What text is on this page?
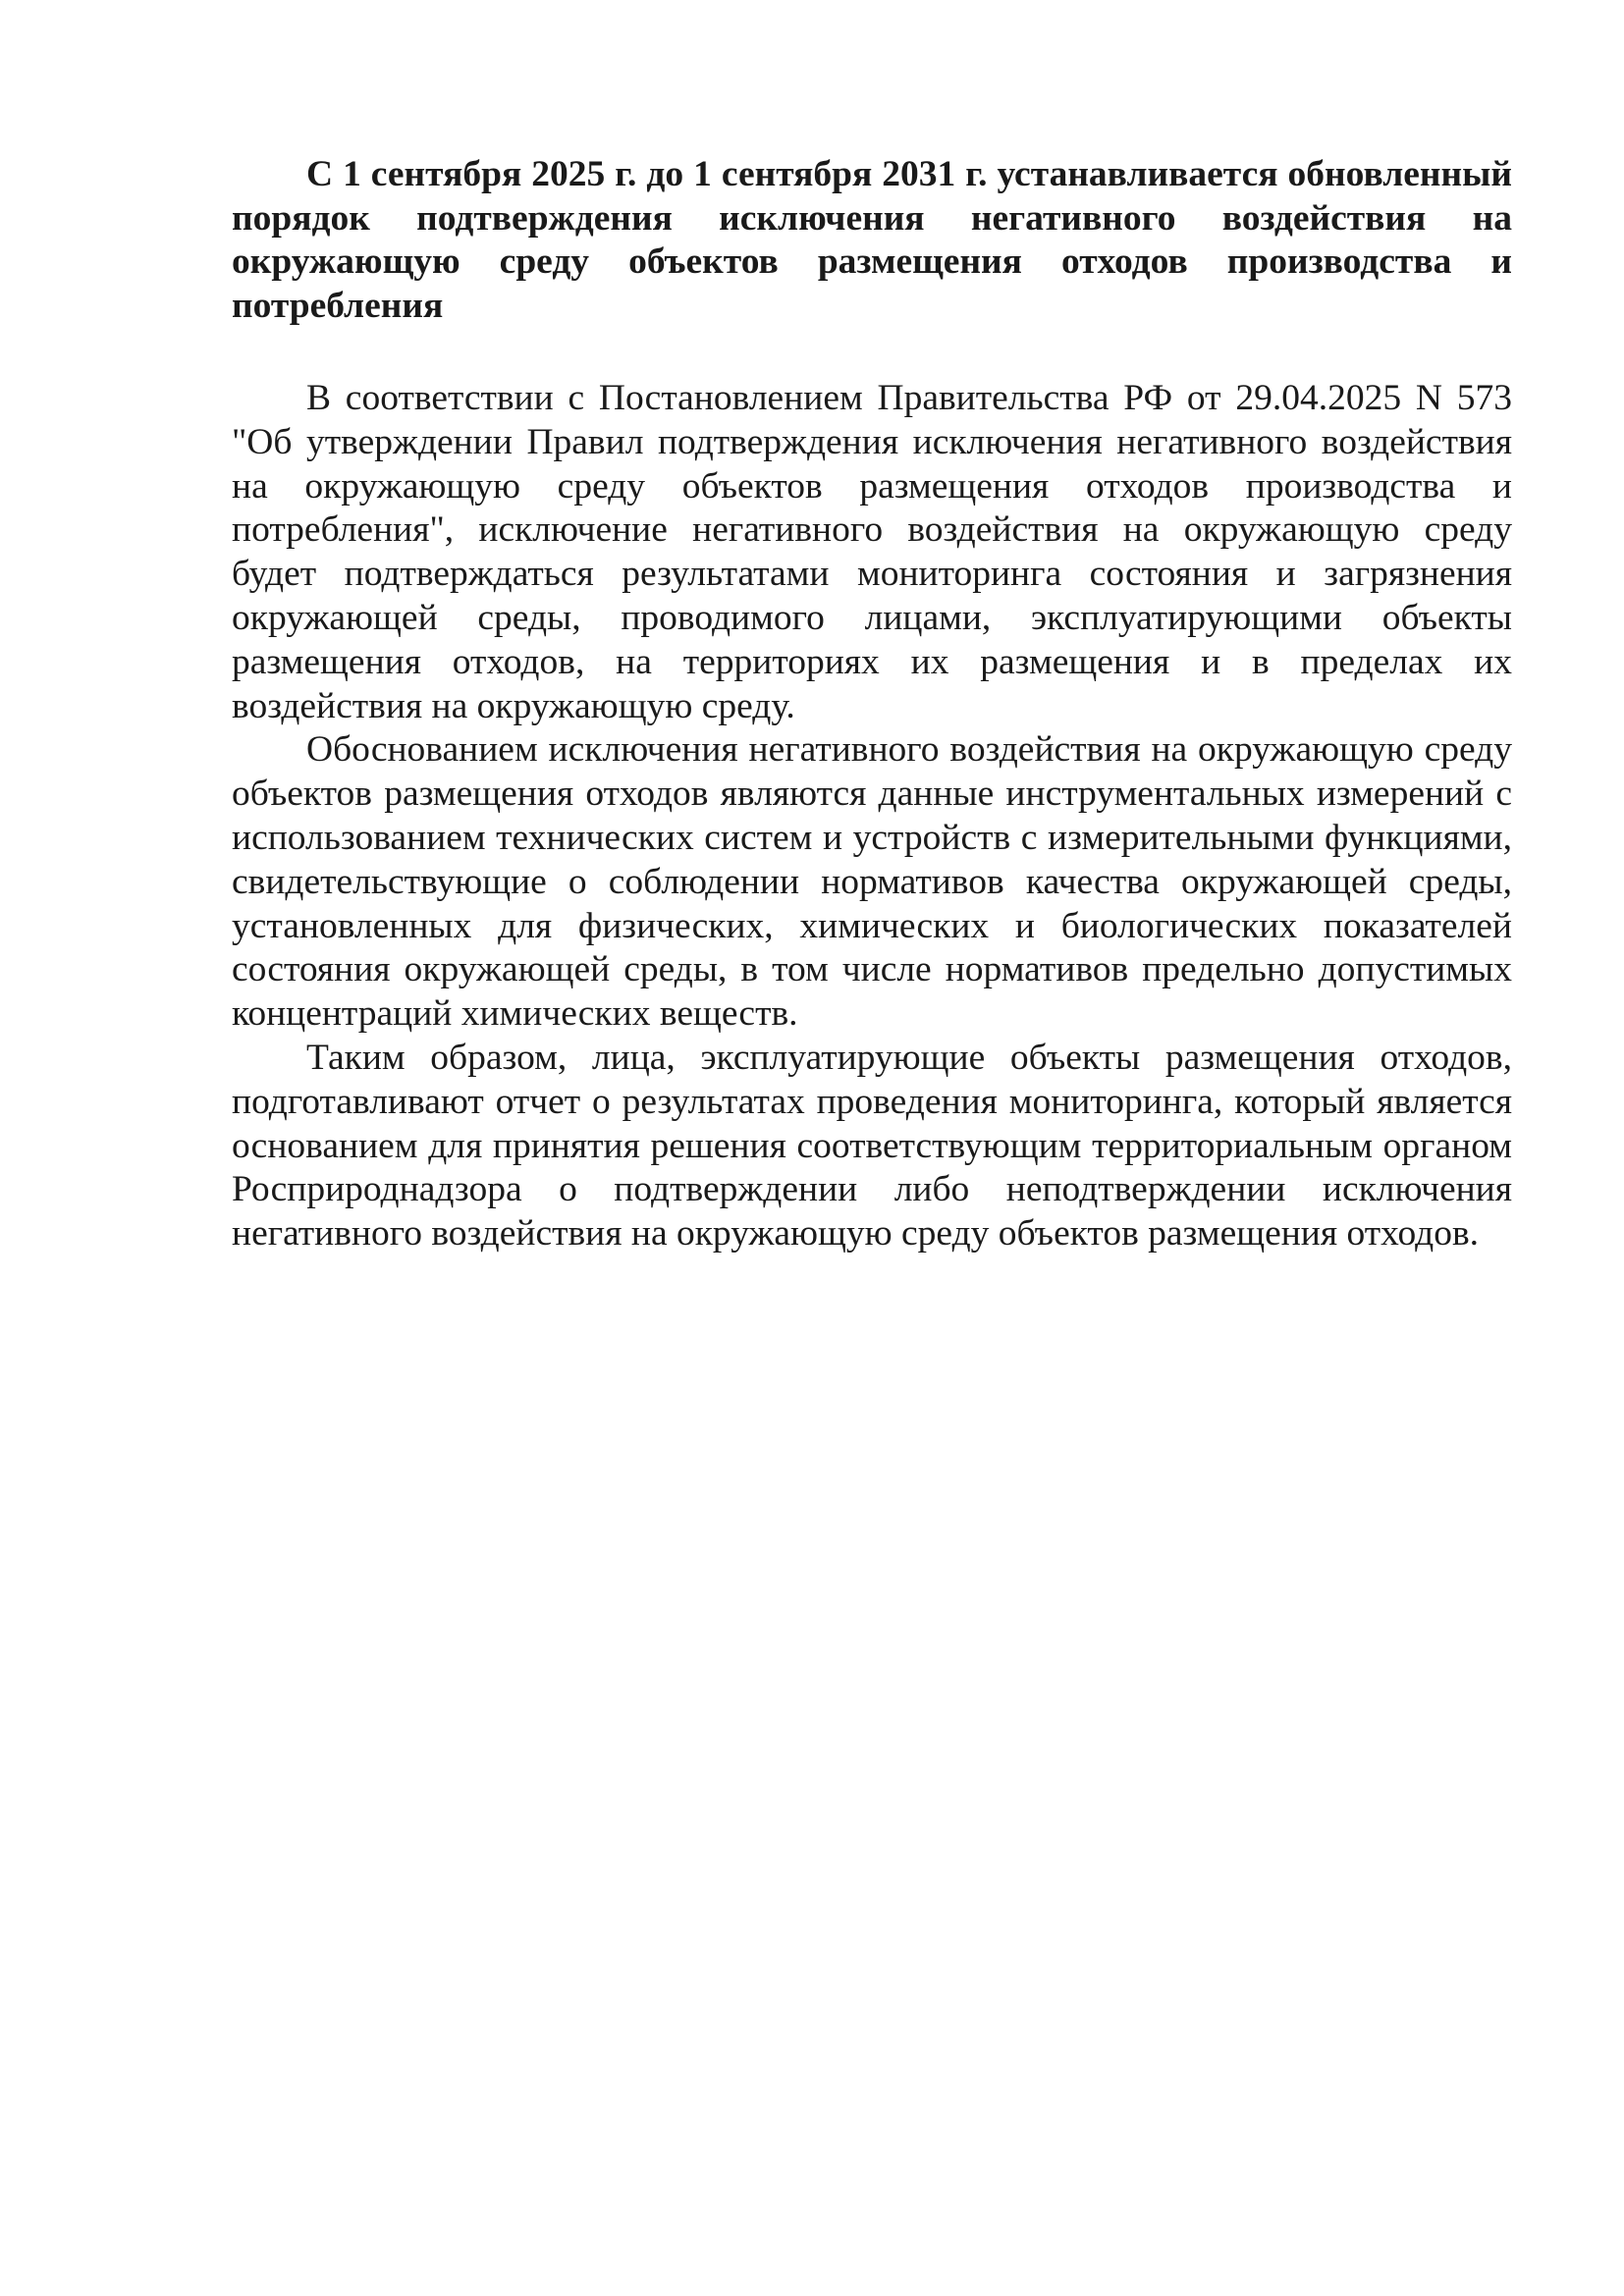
С 1 сентября 2025 г. до 1 сентября 2031 г. устанавливается обновленный порядок подтверждения исключения негативного воздействия на окружающую среду объектов размещения отходов производства и потребления

В соответствии с Постановлением Правительства РФ от 29.04.2025 N 573 "Об утверждении Правил подтверждения исключения негативного воздействия на окружающую среду объектов размещения отходов производства и потребления", исключение негативного воздействия на окружающую среду будет подтверждаться результатами мониторинга состояния и загрязнения окружающей среды, проводимого лицами, эксплуатирующими объекты размещения отходов, на территориях их размещения и в пределах их воздействия на окружающую среду.

Обоснованием исключения негативного воздействия на окружающую среду объектов размещения отходов являются данные инструментальных измерений с использованием технических систем и устройств с измерительными функциями, свидетельствующие о соблюдении нормативов качества окружающей среды, установленных для физических, химических и биологических показателей состояния окружающей среды, в том числе нормативов предельно допустимых концентраций химических веществ.

Таким образом, лица, эксплуатирующие объекты размещения отходов, подготавливают отчет о результатах проведения мониторинга, который является основанием для принятия решения соответствующим территориальным органом Росприроднадзора о подтверждении либо неподтверждении исключения негативного воздействия на окружающую среду объектов размещения отходов.
